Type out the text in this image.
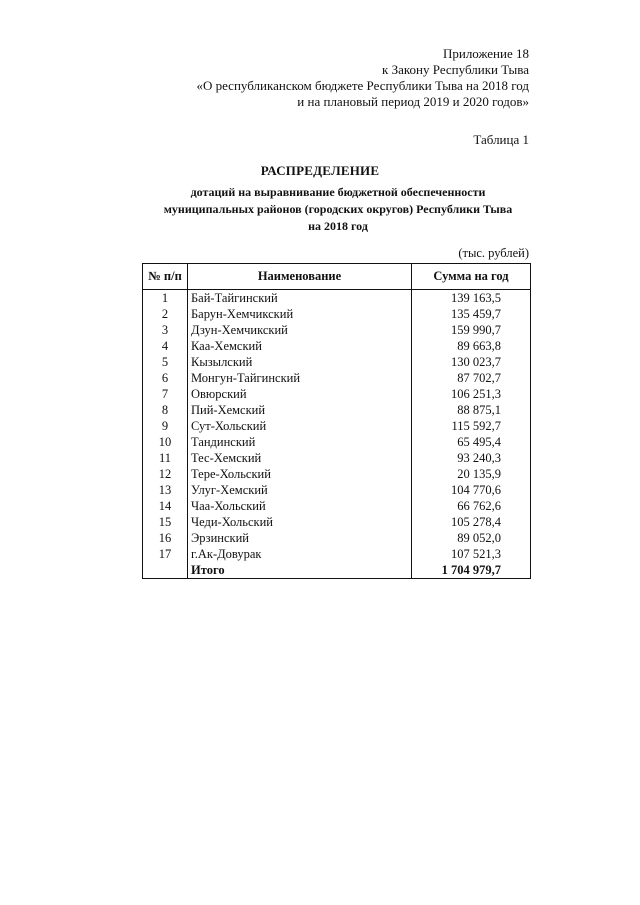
Приложение 18
к Закону Республики Тыва
«О республиканском бюджете Республики Тыва на 2018 год
и на плановый период 2019 и 2020 годов»
Таблица 1
РАСПРЕДЕЛЕНИЕ
дотаций на выравнивание бюджетной обеспеченности
муниципальных районов (городских округов) Республики Тыва
на 2018 год
(тыс. рублей)
№ п/п	Наименование	Сумма на год
1	Бай-Тайгинский	139 163,5
2	Барун-Хемчикский	135 459,7
3	Дзун-Хемчикский	159 990,7
4	Каа-Хемский	89 663,8
5	Кызылский	130 023,7
6	Монгун-Тайгинский	87 702,7
7	Овюрский	106 251,3
8	Пий-Хемский	88 875,1
9	Сут-Хольский	115 592,7
10	Тандинский	65 495,4
11	Тес-Хемский	93 240,3
12	Тере-Хольский	20 135,9
13	Улуг-Хемский	104 770,6
14	Чаа-Хольский	66 762,6
15	Чеди-Хольский	105 278,4
16	Эрзинский	89 052,0
17	г.Ак-Довурак	107 521,3
	Итого	1 704 979,7
